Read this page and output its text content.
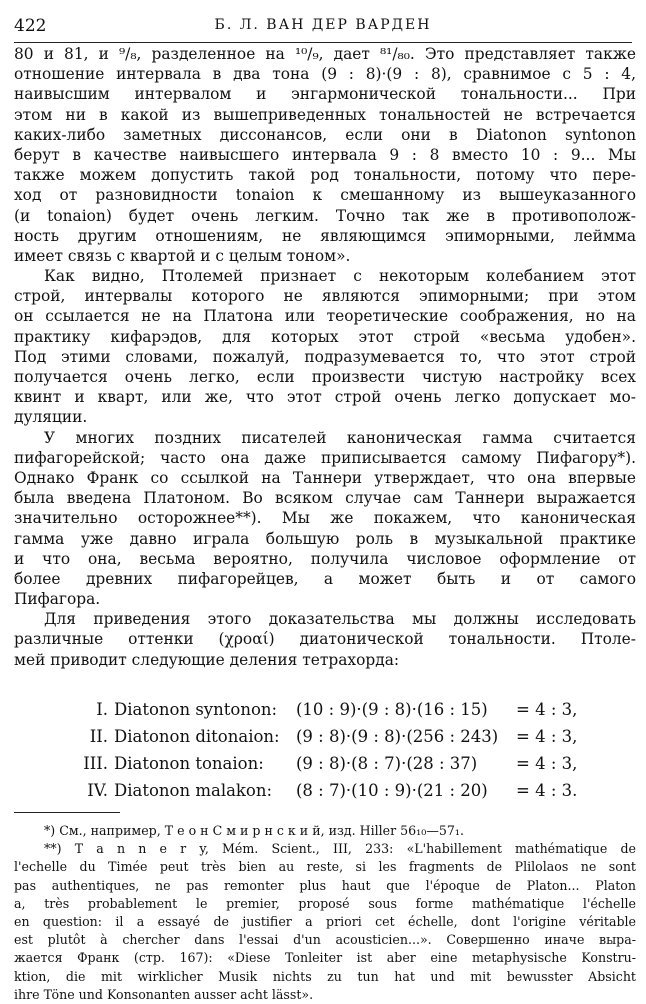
422	Б. Л. ВАН ДЕР ВАРДЕН
80 и 81, и ⁹/₈, разделенное на ¹⁰/₉, дает ⁸¹/₈₀. Это представляет также
отношение интервала в два тона (9 : 8)·(9 : 8), сравнимое с 5 : 4,
наивысшим интервалом и энгармонической тональности... При
этом ни в какой из вышеприведенных тональностей не встречается
каких-либо заметных диссонансов, если они в Diatonon syntonon
берут в качестве наивысшего интервала 9 : 8 вместо 10 : 9... Мы
также можем допустить такой род тональности, потому что пере-
ход от разновидности tonaion к смешанному из вышеуказанного
(и tonaion) будет очень легким. Точно так же в противополож-
ность другим отношениям, не являющимся эпиморными, леймма
имеет связь с квартой и с целым тоном».
Как видно, Птолемей признает с некоторым колебанием этот
строй, интервалы которого не являются эпиморными; при этом
он ссылается не на Платона или теоретические соображения, но на
практику кифарэдов, для которых этот строй «весьма удобен».
Под этими словами, пожалуй, подразумевается то, что этот строй
получается очень легко, если произвести чистую настройку всех
квинт и кварт, или же, что этот строй очень легко допускает мо-
дуляции.
У многих поздних писателей каноническая гамма считается
пифагорейской; часто она даже приписывается самому Пифагору*).
Однако Франк со ссылкой на Таннери утверждает, что она впервые
была введена Платоном. Во всяком случае сам Таннери выражается
значительно осторожнее**). Мы же покажем, что каноническая
гамма уже давно играла большую роль в музыкальной практике
и что она, весьма вероятно, получила числовое оформление от
более древних пифагорейцев, а может быть и от самого
Пифагора.
Для приведения этого доказательства мы должны исследовать
различные оттенки (χροαί) диатонической тональности. Птоле-
мей приводит следующие деления тетрахорда:
I. Diatonon syntonon: (10 : 9)·(9 : 8)·(16 : 15) = 4 : 3,
II. Diatonon ditonaion: (9 : 8)·(9 : 8)·(256 : 243) = 4 : 3,
III. Diatonon tonaion: (9 : 8)·(8 : 7)·(28 : 37) = 4 : 3,
IV. Diatonon malakon: (8 : 7)·(10 : 9)·(21 : 20) = 4 : 3.
*) См., например, Т е о н С м и р н с к и й, изд. Hiller 56₁₀—57₁.
**) T a n n e r y, Mém. Scient., III, 233: «L'habillement mathématique de
l'echelle du Timée peut très bien au reste, si les fragments de Plilolaos ne sont
pas authentiques, ne pas remonter plus haut que l'époque de Platon... Platon
a, très probablement le premier, proposé sous forme mathématique l'échelle
en question: il a essayé de justifier a priori cet échelle, dont l'origine véritable
est plutôt à chercher dans l'essai d'un acousticien...». Совершенно иначе выра-
жается Франк (стр. 167): «Diese Tonleiter ist aber eine metaphysische Konstru-
ktion, die mit wirklicher Musik nichts zu tun hat und mit bewusster Absicht
ihre Töne und Konsonanten ausser acht lässt».
